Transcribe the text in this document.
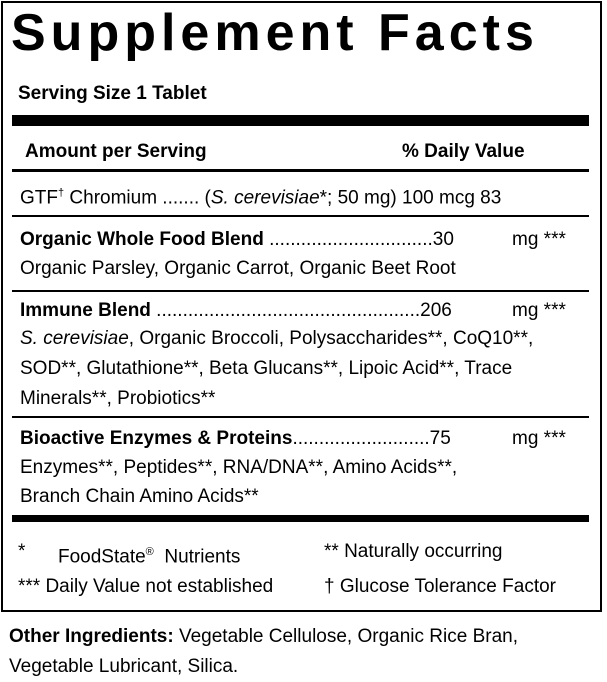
Supplement Facts
Serving Size 1 Tablet
Amount per Serving	% Daily Value
GTF† Chromium ....... (S. cerevisiae*; 50 mg) 100 mcg 83
Organic Whole Food Blend ...............................30	mg ***
Organic Parsley, Organic Carrot, Organic Beet Root
Immune Blend ..................................................206	mg ***
S. cerevisiae, Organic Broccoli, Polysaccharides**, CoQ10**,
SOD**, Glutathione**, Beta Glucans**, Lipoic Acid**, Trace
Minerals**, Probiotics**
Bioactive Enzymes & Proteins..........................75	mg ***
Enzymes**, Peptides**, RNA/DNA**, Amino Acids**,
Branch Chain Amino Acids**
* FoodState® Nutrients	** Naturally occurring
*** Daily Value not established	† Glucose Tolerance Factor
Other Ingredients: Vegetable Cellulose, Organic Rice Bran, Vegetable Lubricant, Silica.
